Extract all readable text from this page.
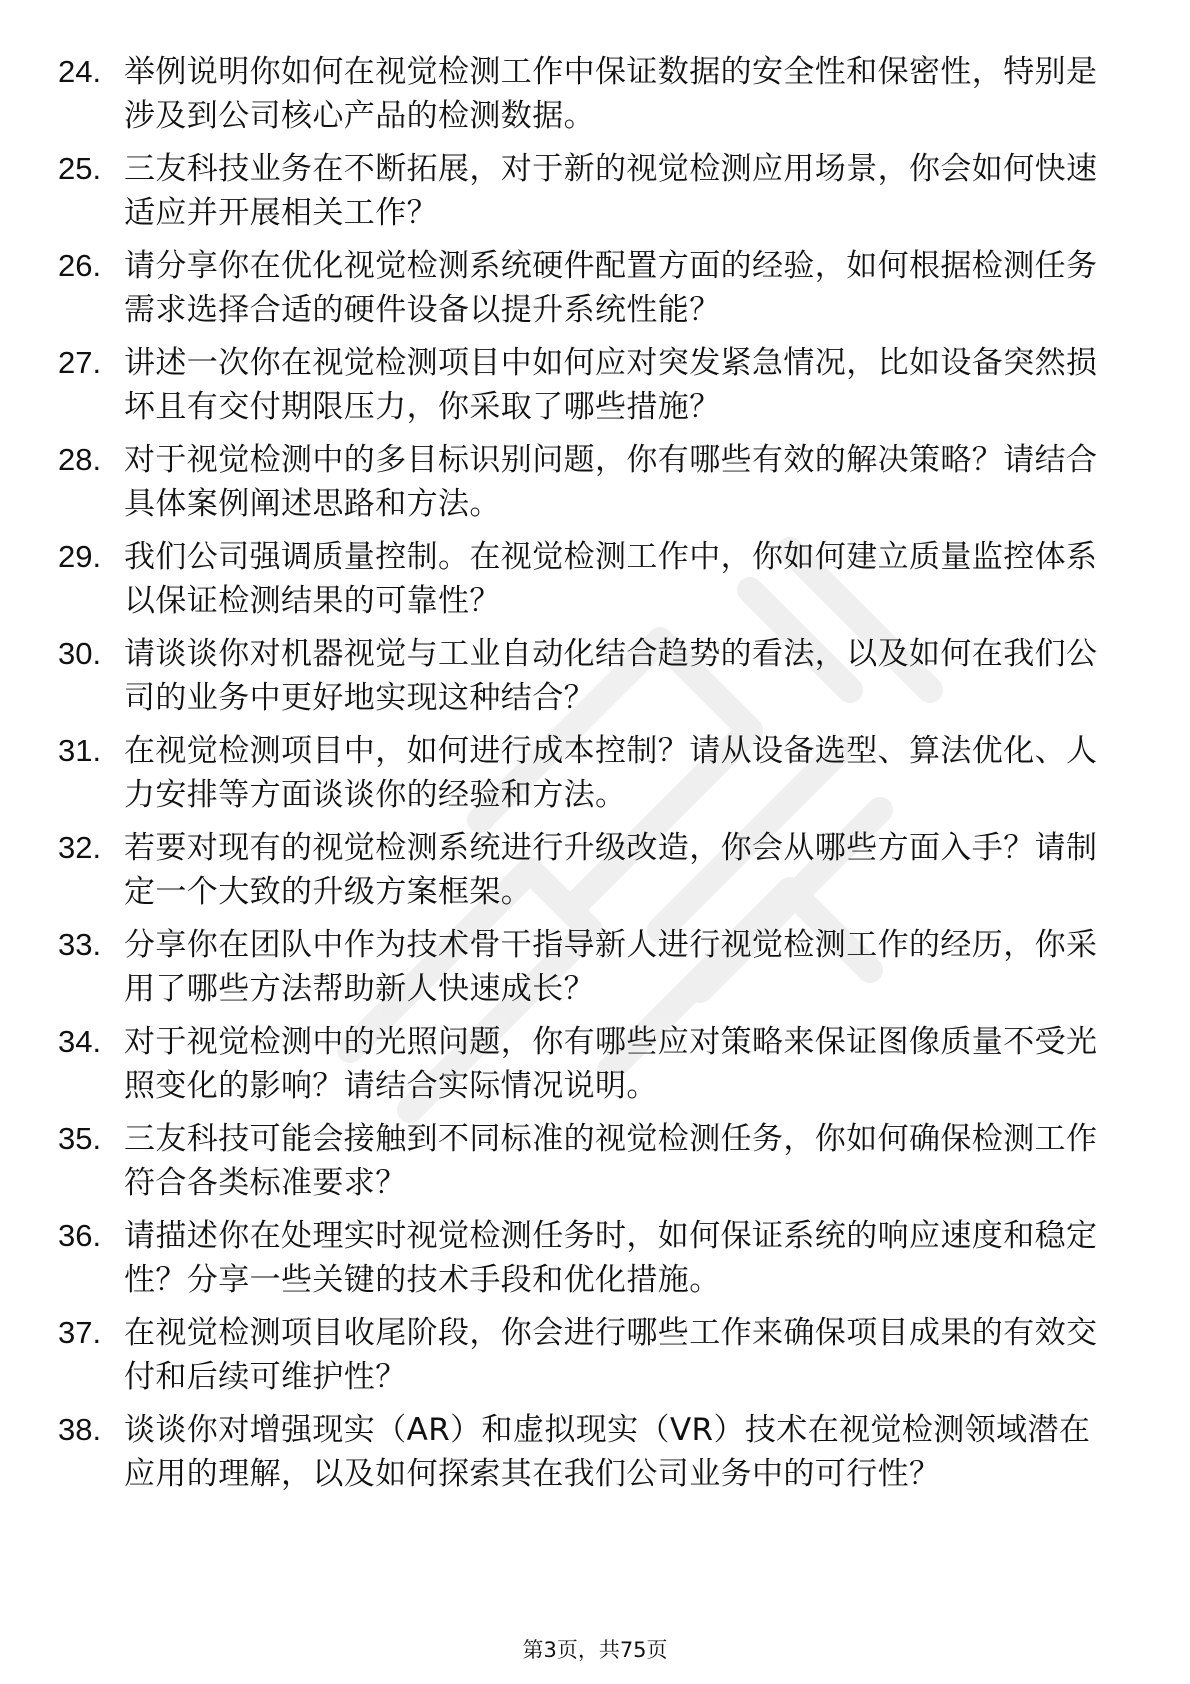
24. 举例说明你如何在视觉检测工作中保证数据的安全性和保密性，特别是涉及到公司核心产品的检测数据。
25. 三友科技业务在不断拓展，对于新的视觉检测应用场景，你会如何快速适应并开展相关工作？
26. 请分享你在优化视觉检测系统硬件配置方面的经验，如何根据检测任务需求选择合适的硬件设备以提升系统性能？
27. 讲述一次你在视觉检测项目中如何应对突发紧急情况，比如设备突然损坏且有交付期限压力，你采取了哪些措施？
28. 对于视觉检测中的多目标识别问题，你有哪些有效的解决策略？请结合具体案例阐述思路和方法。
29. 我们公司强调质量控制。在视觉检测工作中，你如何建立质量监控体系以保证检测结果的可靠性？
30. 请谈谈你对机器视觉与工业自动化结合趋势的看法，以及如何在我们公司的业务中更好地实现这种结合？
31. 在视觉检测项目中，如何进行成本控制？请从设备选型、算法优化、人力安排等方面谈谈你的经验和方法。
32. 若要对现有的视觉检测系统进行升级改造，你会从哪些方面入手？请制定一个大致的升级方案框架。
33. 分享你在团队中作为技术骨干指导新人进行视觉检测工作的经历，你采用了哪些方法帮助新人快速成长？
34. 对于视觉检测中的光照问题，你有哪些应对策略来保证图像质量不受光照变化的影响？请结合实际情况说明。
35. 三友科技可能会接触到不同标准的视觉检测任务，你如何确保检测工作符合各类标准要求？
36. 请描述你在处理实时视觉检测任务时，如何保证系统的响应速度和稳定性？分享一些关键的技术手段和优化措施。
37. 在视觉检测项目收尾阶段，你会进行哪些工作来确保项目成果的有效交付和后续可维护性？
38. 谈谈你对增强现实（AR）和虚拟现实（VR）技术在视觉检测领域潜在应用的理解，以及如何探索其在我们公司业务中的可行性？
第3页，共75页
